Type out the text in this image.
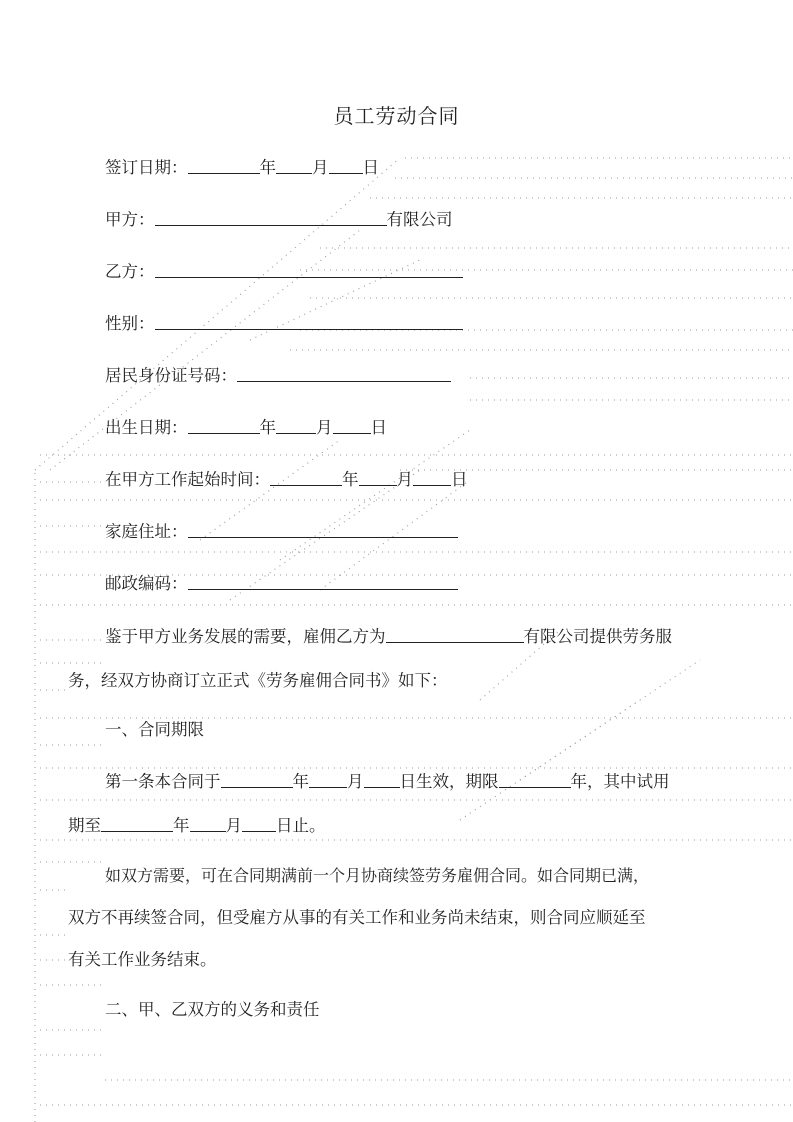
员工劳动合同
签订日期：	年 月 日
甲方：	有限公司
乙方：
性别：
居民身份证号码：
出生日期：	年 月 日
在甲方工作起始时间：	年 月 日
家庭住址：
邮政编码：
鉴于甲方业务发展的需要，雇佣乙方为	有限公司提供劳务服
务，经双方协商订立正式《劳务雇佣合同书》如下：
一、合同期限
第一条本合同于	年 月 日生效，期限	年，其中试用
期至	年 月 日止。
如双方需要，可在合同期满前一个月协商续签劳务雇佣合同。如合同期已满，
双方不再续签合同，但受雇方从事的有关工作和业务尚未结束，则合同应顺延至
有关工作业务结束。
二、甲、乙双方的义务和责任
